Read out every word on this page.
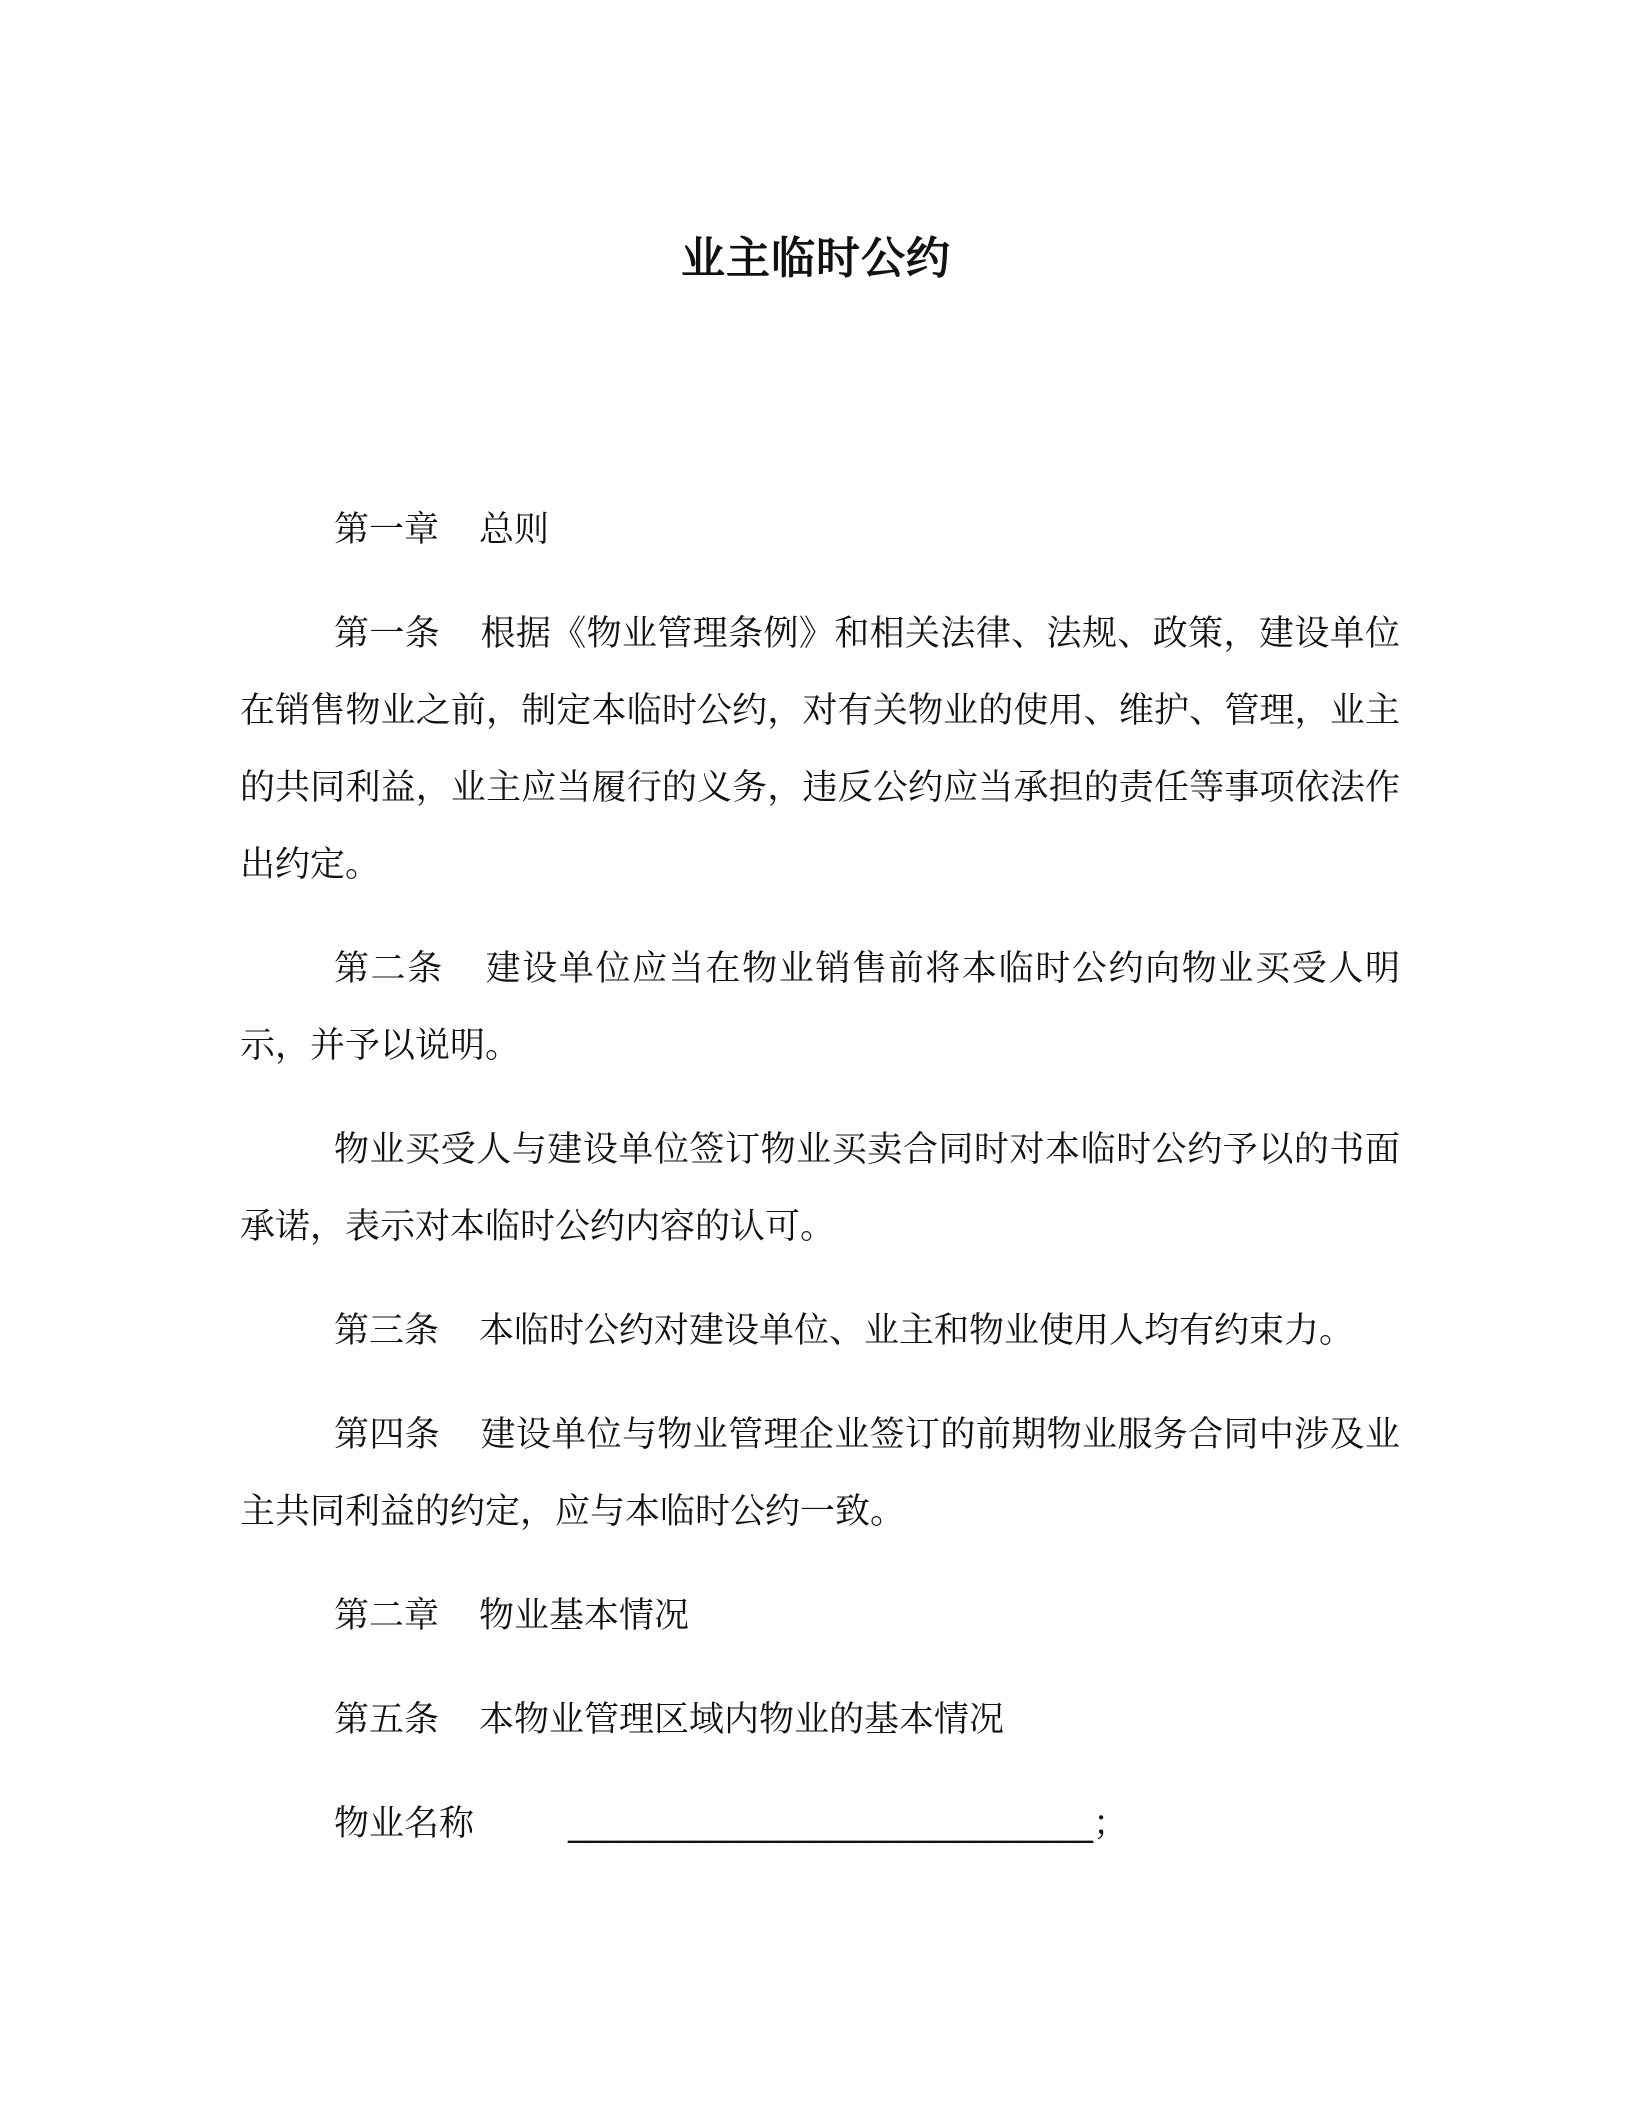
业主临时公约

第一章 总则

第一条 根据《物业管理条例》和相关法律、法规、政策，建设单位在销售物业之前，制定本临时公约，对有关物业的使用、维护、管理，业主的共同利益，业主应当履行的义务，违反公约应当承担的责任等事项依法作出约定。

第二条 建设单位应当在物业销售前将本临时公约向物业买受人明示，并予以说明。

物业买受人与建设单位签订物业买卖合同时对本临时公约予以的书面承诺，表示对本临时公约内容的认可。

第三条 本临时公约对建设单位、业主和物业使用人均有约束力。

第四条 建设单位与物业管理企业签订的前期物业服务合同中涉及业主共同利益的约定，应与本临时公约一致。

第二章 物业基本情况

第五条 本物业管理区域内物业的基本情况

物业名称	______________________________；
